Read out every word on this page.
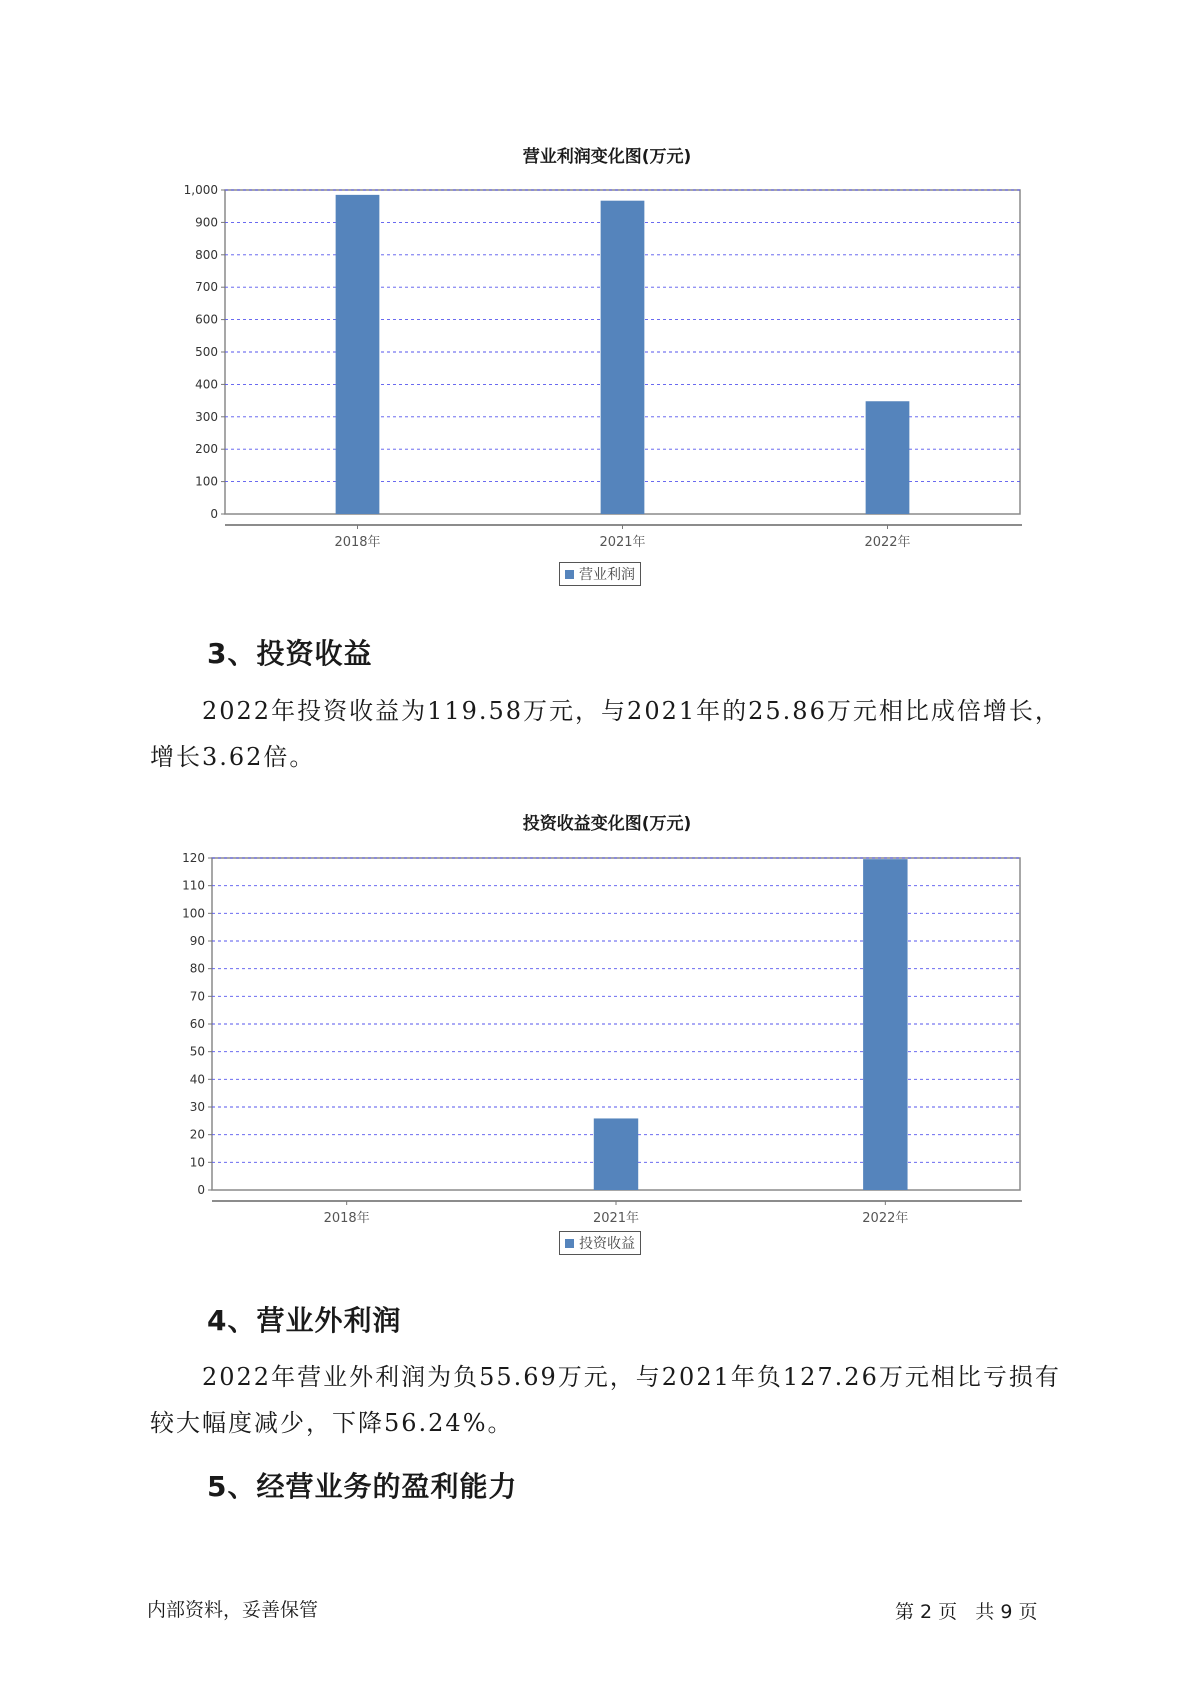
营业利润变化图(万元)
0
100
200
300
400
500
600
700
800
900
1,000
2018年	2021年	2022年
营业利润
3、投资收益
2022年投资收益为119.58万元，与2021年的25.86万元相比成倍增长，
增长3.62倍。
投资收益变化图(万元)
0
10
20
30
40
50
60
70
80
90
100
110
120
2018年	2021年	2022年
投资收益
4、营业外利润
2022年营业外利润为负55.69万元，与2021年负127.26万元相比亏损有
较大幅度减少，下降56.24%。
5、经营业务的盈利能力
内部资料，妥善保管	第 2 页   共 9 页
